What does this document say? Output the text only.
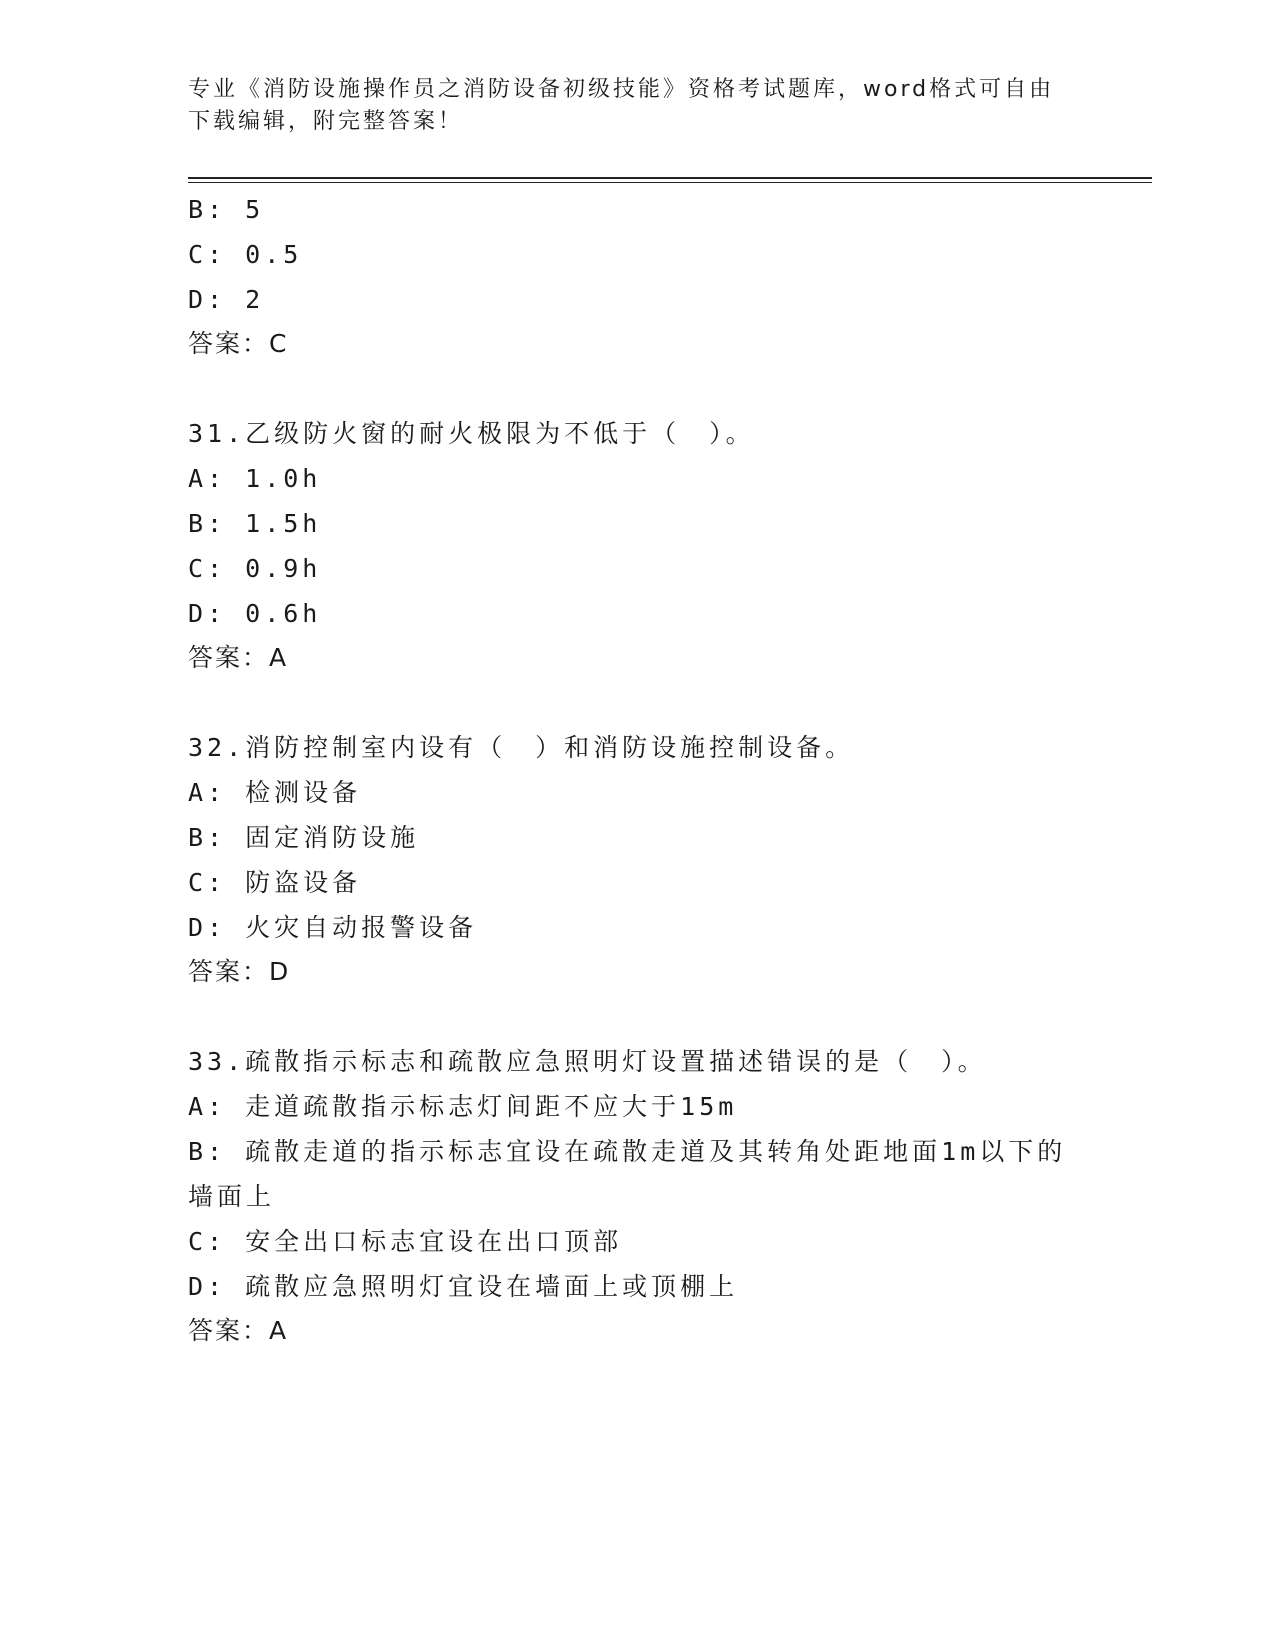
专业《消防设施操作员之消防设备初级技能》资格考试题库，word格式可自由下载编辑，附完整答案！
B: 5
C: 0.5
D: 2
答案：C
31.乙级防火窗的耐火极限为不低于（　）。
A: 1.0h
B: 1.5h
C: 0.9h
D: 0.6h
答案：A
32.消防控制室内设有（　）和消防设施控制设备。
A: 检测设备
B: 固定消防设施
C: 防盗设备
D: 火灾自动报警设备
答案：D
33.疏散指示标志和疏散应急照明灯设置描述错误的是（　）。
A: 走道疏散指示标志灯间距不应大于15m
B: 疏散走道的指示标志宜设在疏散走道及其转角处距地面1m以下的
墙面上
C: 安全出口标志宜设在出口顶部
D: 疏散应急照明灯宜设在墙面上或顶棚上
答案：A
